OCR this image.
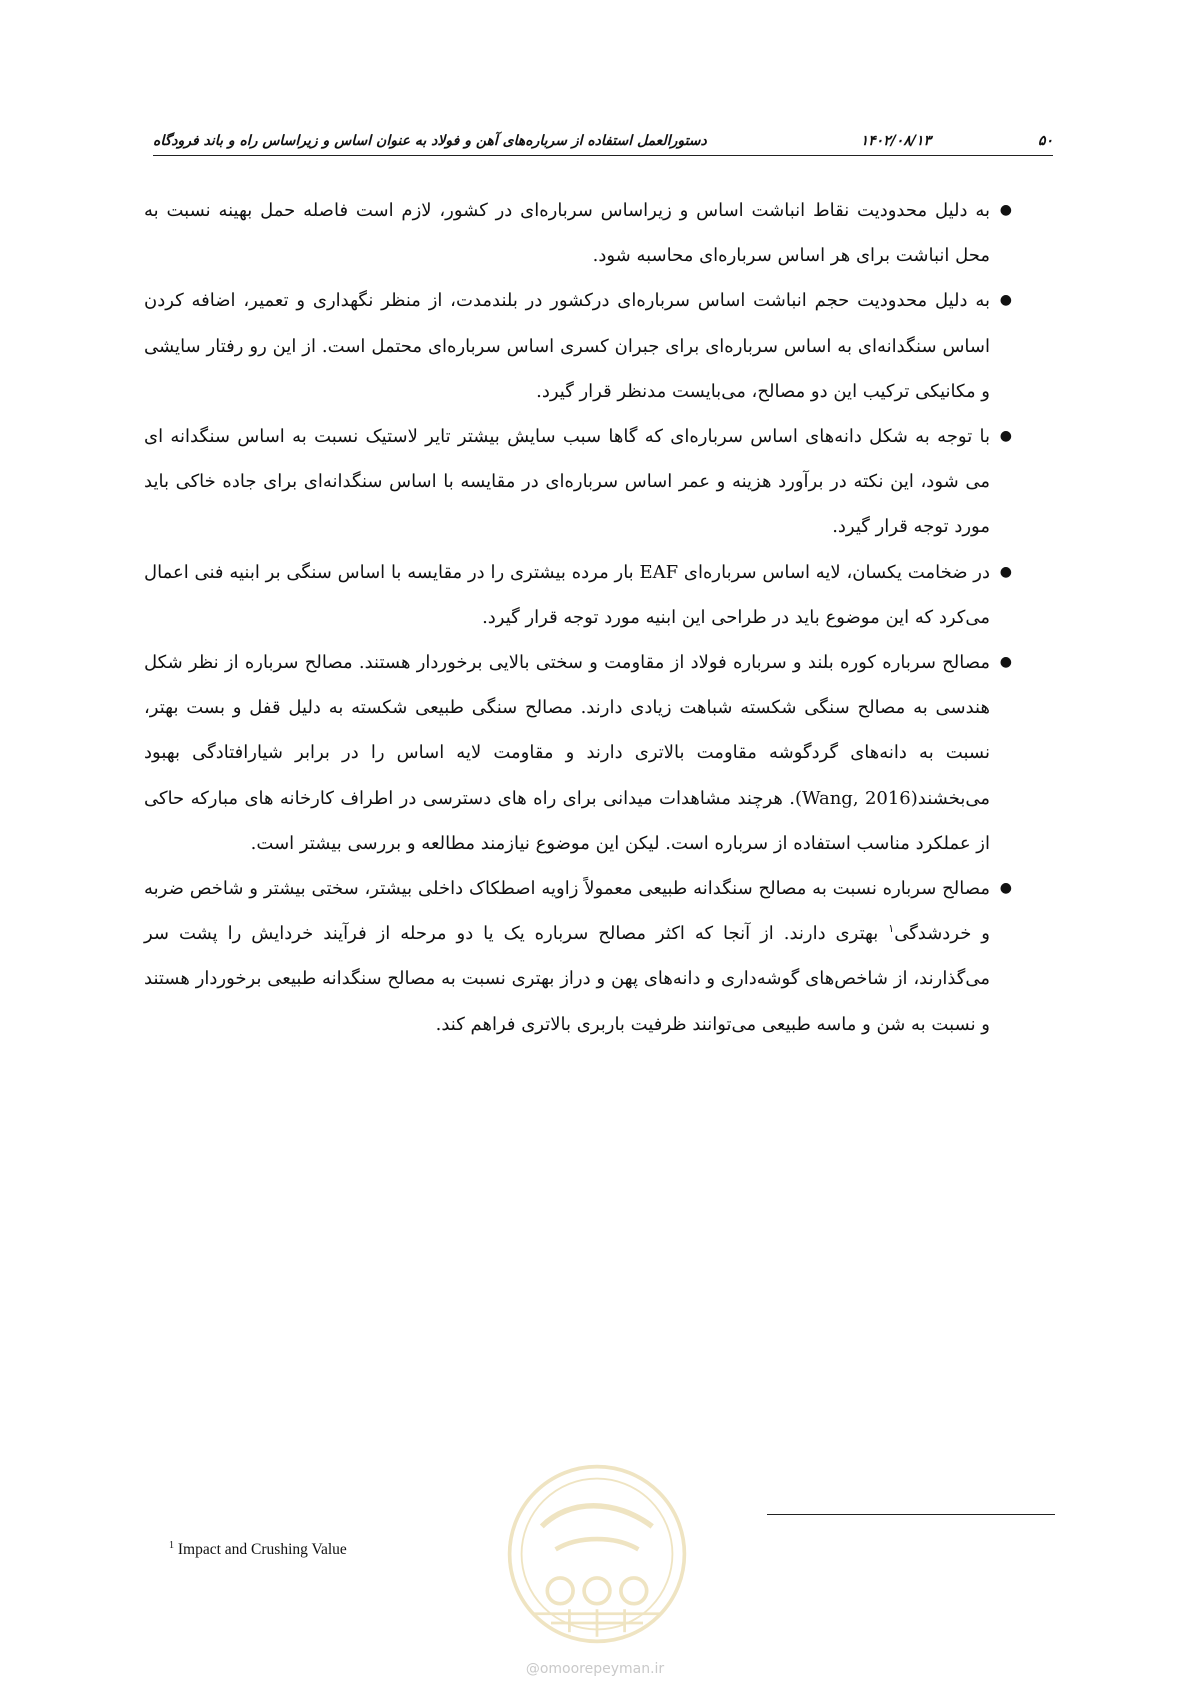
۵۰
۱۴۰۲/۰۸/۱۳
دستورالعمل استفاده از سرباره‌های آهن و فولاد به عنوان اساس و زیراساس راه و باند فرودگاه
●
به دلیل محدودیت نقاط انباشت اساس و زیراساس سرباره‌ای در کشور، لازم است فاصله حمل بهینه نسبت به محل انباشت برای هر اساس سرباره‌ای محاسبه شود.
●
به دلیل محدودیت حجم انباشت اساس سرباره‌ای درکشور در بلندمدت، از منظر نگهداری و تعمیر، اضافه کردن اساس سنگدانه‌ای به اساس سرباره‌ای برای جبران کسری اساس سرباره‌ای محتمل است. از این رو رفتار سایشی و مکانیکی ترکیب این دو مصالح، می‌بایست مدنظر قرار گیرد.
●
با توجه به شکل دانه‌های اساس سرباره‌ای که گاها سبب سایش بیشتر تایر لاستیک نسبت به اساس سنگدانه ای می شود، این نکته در برآورد هزینه و عمر اساس سرباره‌ای در مقایسه با اساس سنگدانه‌ای برای جاده خاکی باید مورد توجه قرار گیرد.
●
در ضخامت یکسان، لایه اساس سرباره‌ای EAF بار مرده بیشتری را در مقایسه با اساس سنگی بر ابنیه فنی اعمال می‌کرد که این موضوع باید در طراحی این ابنیه مورد توجه قرار گیرد.
●
مصالح سرباره کوره بلند و سرباره فولاد از مقاومت و سختی بالایی برخوردار هستند. مصالح سرباره از نظر شکل هندسی به مصالح سنگی شکسته شباهت زیادی دارند. مصالح سنگی طبیعی شکسته به دلیل قفل و بست بهتر، نسبت به دانه‌های گردگوشه مقاومت بالاتری دارند و مقاومت لایه اساس را در برابر شیارافتادگی بهبود می‌بخشند(Wang, 2016). هرچند مشاهدات میدانی برای راه های دسترسی در اطراف کارخانه های مبارکه حاکی از عملکرد مناسب استفاده از سرباره است. لیکن این موضوع نیازمند مطالعه و بررسی بیشتر است.
●
مصالح سرباره نسبت به مصالح سنگدانه طبیعی معمولاً زاویه اصطکاک داخلی بیشتر، سختی بیشتر و شاخص ضربه و خردشدگی$^۱$ بهتری دارند. از آنجا که اکثر مصالح سرباره یک یا دو مرحله از فرآیند خردایش را پشت سر می‌گذارند، از شاخص‌های گوشه‌داری و دانه‌های پهن و دراز بهتری نسبت به مصالح سنگدانه طبیعی برخوردار هستند و نسبت به شن و ماسه طبیعی می‌توانند ظرفیت باربری بالاتری فراهم کند.
$^1$ Impact and Crushing Value
@omoorepeyman.ir
